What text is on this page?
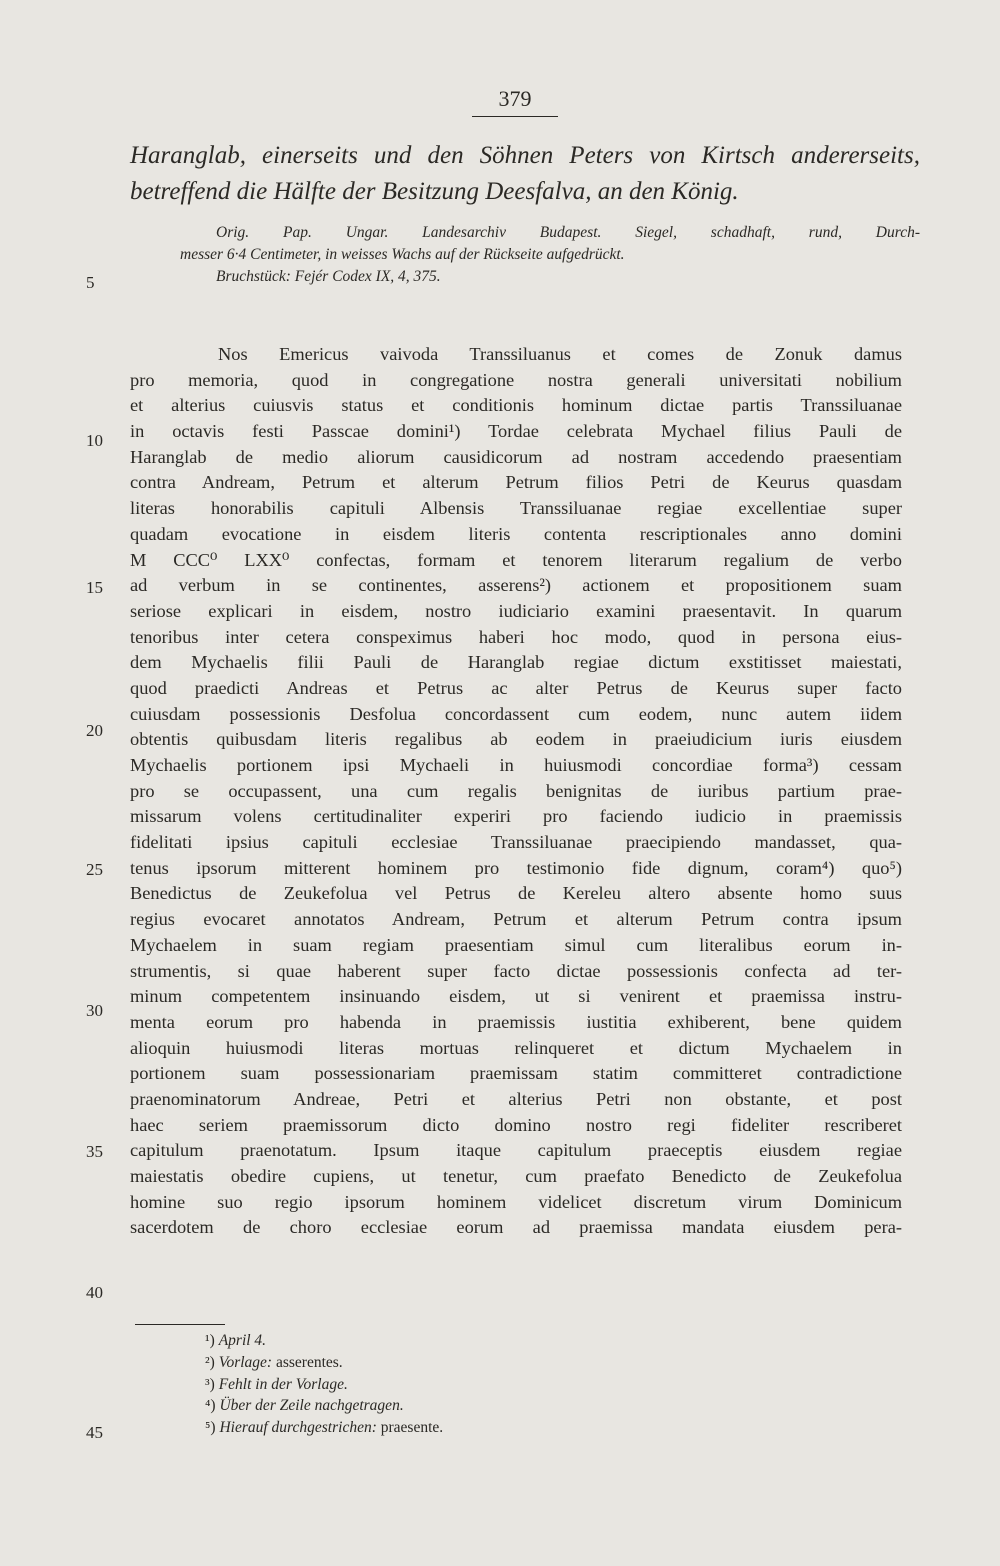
379
Haranglab, einerseits und den Söhnen Peters von Kirtsch andererseits,
betreffend die Hälfte der Besitzung Deesfalva, an den König.
Orig. Pap. Ungar. Landesarchiv Budapest. Siegel, schadhaft, rund, Durch-
messer 6·4 Centimeter, in weisses Wachs auf der Rückseite aufgedrückt.
Bruchstück: Fejér Codex IX, 4, 375.
5
10
15
20
25
30
35
40
45
Nos Emericus vaivoda Transsiluanus et comes de Zonuk damus
pro memoria, quod in congregatione nostra generali universitati nobilium
et alterius cuiusvis status et conditionis hominum dictae partis Transsiluanae
in octavis festi Passcae domini¹) Tordae celebrata Mychael filius Pauli de
Haranglab de medio aliorum causidicorum ad nostram accedendo praesentiam
contra Andream, Petrum et alterum Petrum filios Petri de Keurus quasdam
literas honorabilis capituli Albensis Transsiluanae regiae excellentiae super
quadam evocatione in eisdem literis contenta rescriptionales anno domini
M CCC⁰ LXX⁰ confectas, formam et tenorem literarum regalium de verbo
ad verbum in se continentes, asserens²) actionem et propositionem suam
seriose explicari in eisdem, nostro iudiciario examini praesentavit. In quarum
tenoribus inter cetera conspeximus haberi hoc modo, quod in persona eius-
dem Mychaelis filii Pauli de Haranglab regiae dictum exstitisset maiestati,
quod praedicti Andreas et Petrus ac alter Petrus de Keurus super facto
cuiusdam possessionis Desfolua concordassent cum eodem, nunc autem iidem
obtentis quibusdam literis regalibus ab eodem in praeiudicium iuris eiusdem
Mychaelis portionem ipsi Mychaeli in huiusmodi concordiae forma³) cessam
pro se occupassent, una cum regalis benignitas de iuribus partium prae-
missarum volens certitudinaliter experiri pro faciendo iudicio in praemissis
fidelitati ipsius capituli ecclesiae Transsiluanae praecipiendo mandasset, qua-
tenus ipsorum mitterent hominem pro testimonio fide dignum, coram⁴) quo⁵)
Benedictus de Zeukefolua vel Petrus de Kereleu altero absente homo suus
regius evocaret annotatos Andream, Petrum et alterum Petrum contra ipsum
Mychaelem in suam regiam praesentiam simul cum literalibus eorum in-
strumentis, si quae haberent super facto dictae possessionis confecta ad ter-
minum competentem insinuando eisdem, ut si venirent et praemissa instru-
menta eorum pro habenda in praemissis iustitia exhiberent, bene quidem
alioquin huiusmodi literas mortuas relinqueret et dictum Mychaelem in
portionem suam possessionariam praemissam statim committeret contradictione
praenominatorum Andreae, Petri et alterius Petri non obstante, et post
haec seriem praemissorum dicto domino nostro regi fideliter rescriberet
capitulum praenotatum. Ipsum itaque capitulum praeceptis eiusdem regiae
maiestatis obedire cupiens, ut tenetur, cum praefato Benedicto de Zeukefolua
homine suo regio ipsorum hominem videlicet discretum virum Dominicum
sacerdotem de choro ecclesiae eorum ad praemissa mandata eiusdem pera-
¹) April 4.
²) Vorlage: asserentes.
³) Fehlt in der Vorlage.
⁴) Über der Zeile nachgetragen.
⁵) Hierauf durchgestrichen: praesente.
